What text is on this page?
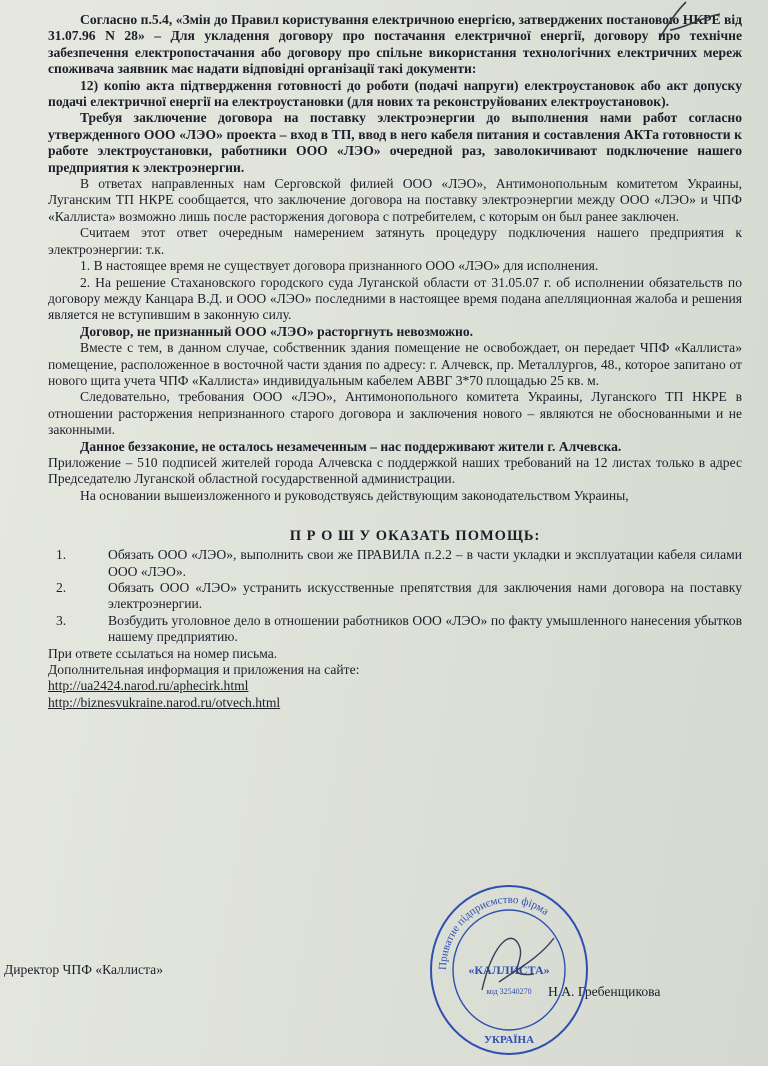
Согласно п.5.4, «Змін до Правил користування електричною енергією, затверджених постановою НКРЕ від 31.07.96 N 28» – Для укладення договору про постачання електричної енергії, договору про технічне забезпечення електропостачання або договору про спільне використання технологічних електричних мереж споживача заявник має надати відповідні організації такі документи:

12) копію акта підтвердження готовності до роботи (подачі напруги) електроустановок або акт допуску подачі електричної енергії на електроустановки (для нових та реконструйованих електроустановок).

Требуя заключение договора на поставку электроэнергии до выполнения нами работ согласно утвержденного ООО «ЛЭО» проекта – вход в ТП, ввод в него кабеля питания и составления АКТа готовности к работе электроустановки, работники ООО «ЛЭО» очередной раз, заволокичивают подключение нашего предприятия к электроэнергии.

В ответах направленных нам Серговской филией ООО «ЛЭО», Антимонопольным комитетом Украины, Луганским ТП НКРЕ сообщается, что заключение договора на поставку электроэнергии между ООО «ЛЭО» и ЧПФ «Каллиста» возможно лишь после расторжения договора с потребителем, с которым он был ранее заключен.

Считаем этот ответ очередным намерением затянуть процедуру подключения нашего предприятия к электроэнергии: т.к.

1. В настоящее время не существует договора признанного ООО «ЛЭО» для исполнения.

2. На решение Стахановского городского суда Луганской области от 31.05.07 г. об исполнении обязательств по договору между Канцара В.Д. и ООО «ЛЭО» последними в настоящее время подана апелляционная жалоба и решения является не вступившим в законную силу.

Договор, не признанный ООО «ЛЭО» расторгнуть невозможно.

Вместе с тем, в данном случае, собственник здания помещение не освобождает, он передает ЧПФ «Каллиста» помещение, расположенное в восточной части здания по адресу: г. Алчевск, пр. Металлургов, 48., которое запитано от нового щита учета ЧПФ «Каллиста» индивидуальным кабелем АВВГ 3*70 площадью 25 кв. м.

Следовательно, требования ООО «ЛЭО», Антимонопольного комитета Украины, Луганского ТП НКРЕ в отношении расторжения непризнанного старого договора и заключения нового – являются не обоснованными и не законными.

Данное беззаконие, не осталось незамеченным – нас поддерживают жители г. Алчевска.

Приложение – 510 подписей жителей города Алчевска с поддержкой наших требований на 12 листах только в адрес Председателю Луганской областной государственной администрации.

На основании вышеизложенного и руководствуясь действующим законодательством Украины,

П Р О Ш У ОКАЗАТЬ ПОМОЩЬ:
1.	Обязать ООО «ЛЭО», выполнить свои же ПРАВИЛА п.2.2 – в части укладки и эксплуатации кабеля силами ООО «ЛЭО».
2.	Обязать ООО «ЛЭО» устранить искусственные препятствия для заключения нами договора на поставку электроэнергии.
3.	Возбудить уголовное дело в отношении работников ООО «ЛЭО» по факту умышленного нанесения убытков нашему предприятию.

При ответе ссылаться на номер письма.

Дополнительная информация и приложения на сайте:

http://ua2424.narod.ru/aphecirk.html
http://biznesvukraine.narod.ru/otvech.html
Директор ЧПФ «Каллиста»
Н.А. Гребенщикова
Приватне підприємство фірма
«КАЛЛИСТА»
код 32540270
УКРАЇНА
